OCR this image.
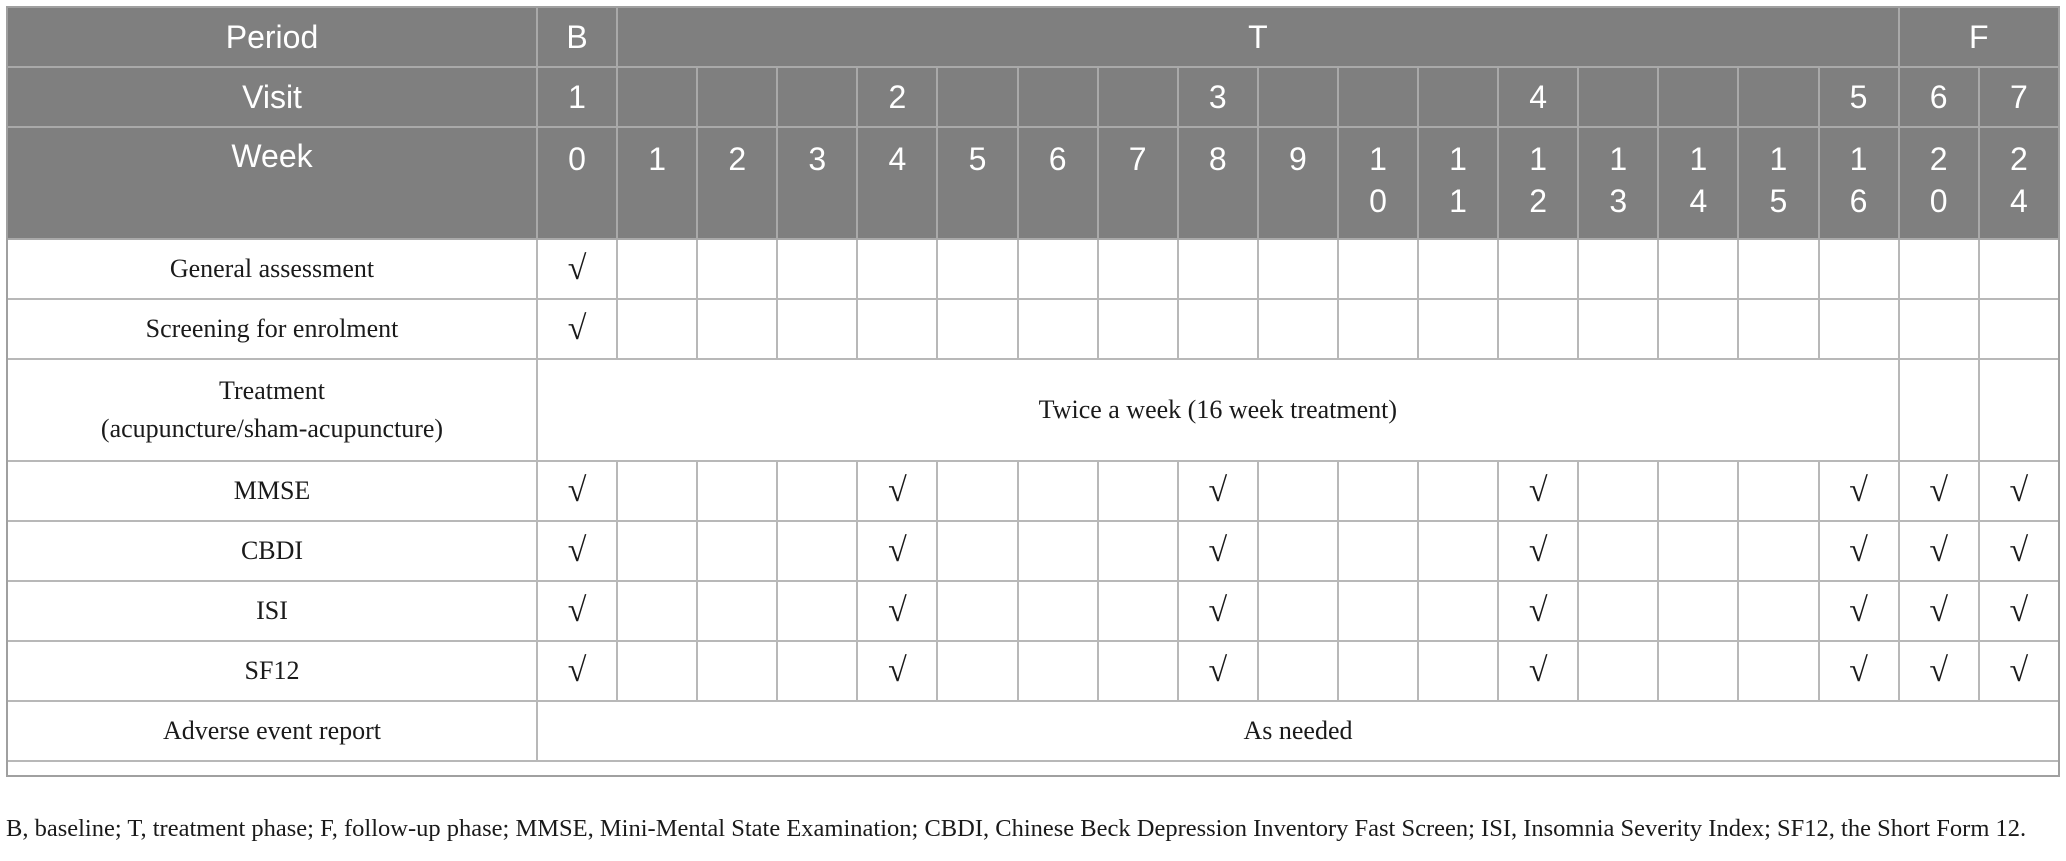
Period	B	T																F	
Visit	1				2				3				4				5	6	7
Week	0	1	2	3	4	5	6	7	8	9	10	11	12	13	14	15	16	20	24
General assessment	√																		
Screening for enrolment	√																		
Treatment
(acupuncture/sham-acupuncture)	Twice a week (16 week treatment)																		
MMSE	√				√				√				√				√	√	√
CBDI	√				√				√				√				√	√	√
ISI	√				√				√				√				√	√	√
SF12	√				√				√				√				√	√	√
Adverse event report	As needed																		

B, baseline; T, treatment phase; F, follow-up phase; MMSE, Mini-Mental State Examination; CBDI, Chinese Beck Depression Inventory Fast Screen; ISI, Insomnia Severity Index; SF12, the Short Form 12.
